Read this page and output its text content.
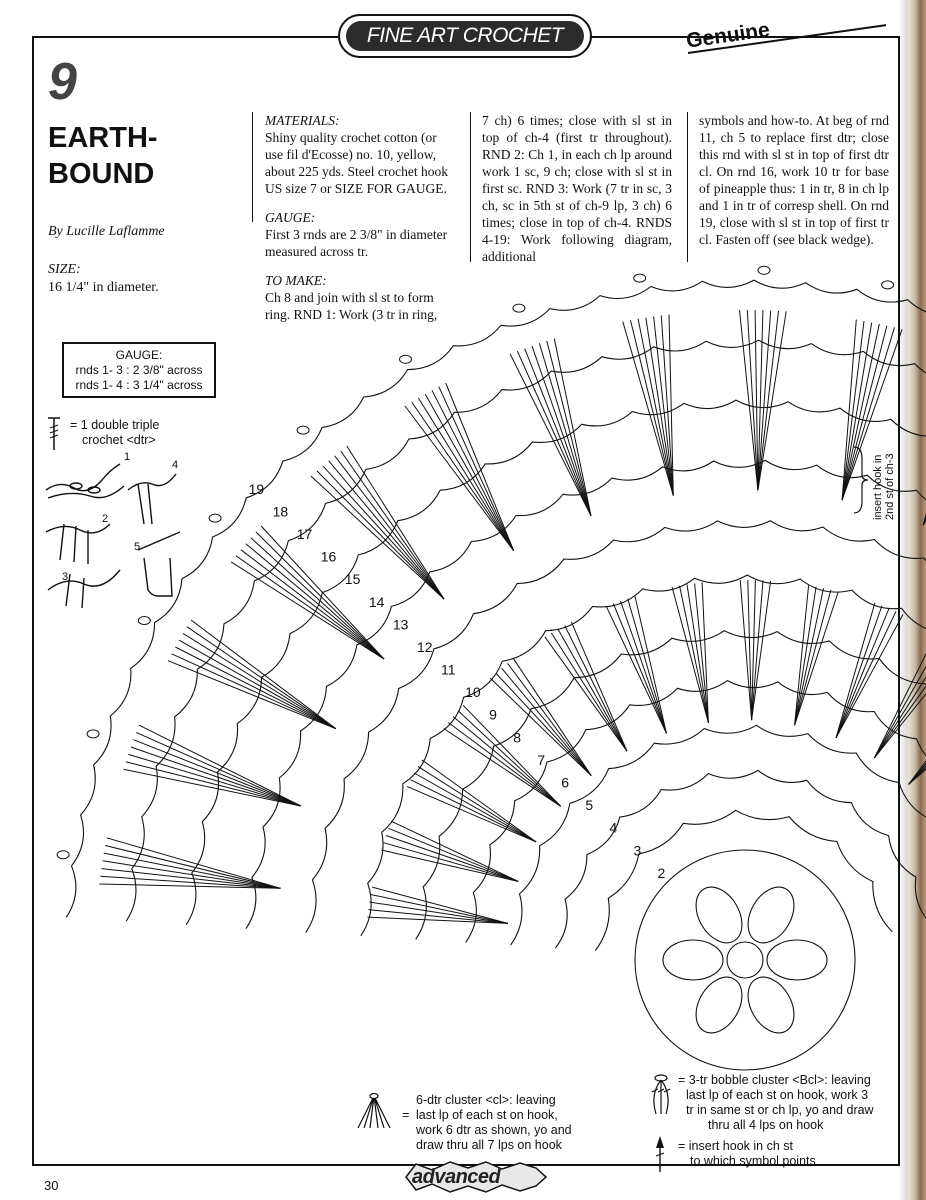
FINE ART CROCHET	Genuine
9
EARTH-
BOUND
By Lucille Laflamme
SIZE:
16 1/4" in diameter.
MATERIALS:
Shiny quality crochet cotton (or use fil d'Ecosse) no. 10, yellow, about 225 yds. Steel crochet hook US size 7 or SIZE FOR GAUGE.
GAUGE:
First 3 rnds are 2 3/8" in diameter measured across tr.
TO MAKE:
Ch 8 and join with sl st to form ring. RND 1: Work (3 tr in ring,
7 ch) 6 times; close with sl st in top of ch-4 (first tr throughout). RND 2: Ch 1, in each ch lp around work 1 sc, 9 ch; close with sl st in first sc. RND 3: Work (7 tr in sc, 3 ch, sc in 5th st of ch-9 lp, 3 ch) 6 times; close in top of ch-4. RNDS 4-19: Work following diagram, additional
symbols and how-to. At beg of rnd 11, ch 5 to replace first dtr; close this rnd with sl st in top of first dtr cl. On rnd 16, work 10 tr for base of pineapple thus: 1 in tr, 8 in ch lp and 1 in tr of corresp shell. On rnd 19, close with sl st in top of first tr cl. Fasten off (see black wedge).
GAUGE:
rnds 1- 3 : 2 3/8" across
rnds 1- 4 : 3 1/4" across
= 1 double triple
crochet <dtr>
1
2
3
4
5
2
3
4
5
6
7
8
9
10
11
12
13
14
15
16
17
18
19	insert hook in 2nd st of ch-3
6-dtr cluster <cl>: leaving
last lp of each st on hook,
work 6 dtr as shown, yo and
draw thru all 7 lps on hook
=
= 3-tr bobble cluster <Bcl>: leaving
last lp of each st on hook, work 3
tr in same st or ch lp, yo and draw
thru all 4 lps on hook
= insert hook in ch st
to which symbol points
30	advanced
